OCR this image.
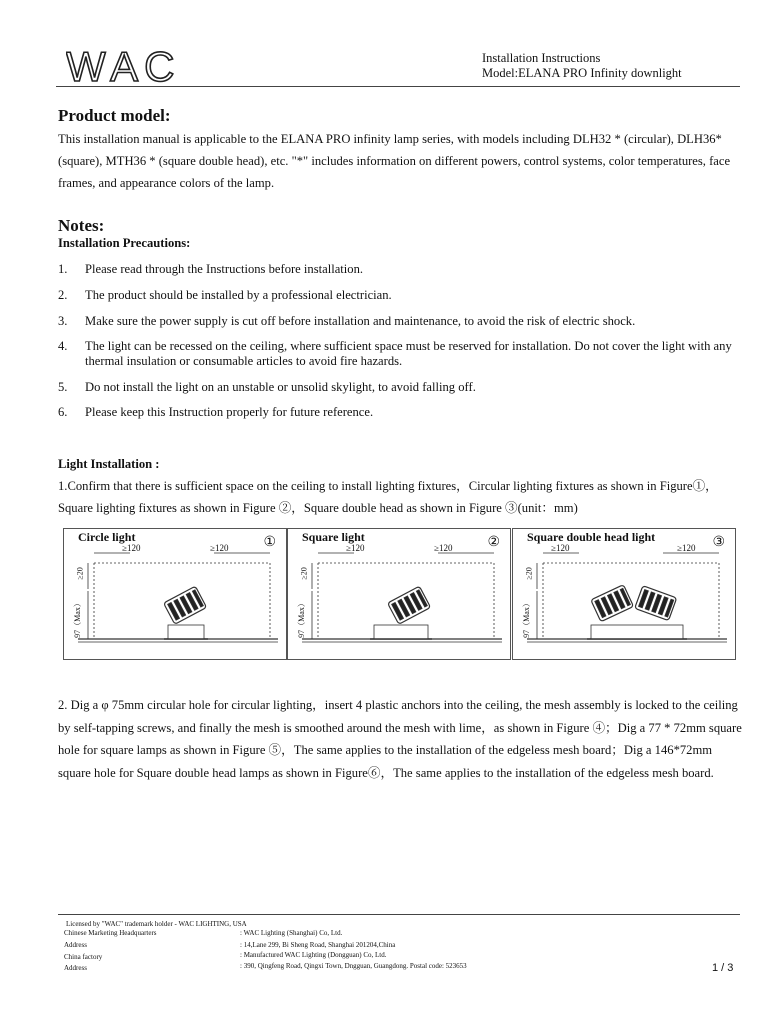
WAC	Installation Instructions
Model:ELANA PRO Infinity downlight
Product model:
This installation manual is applicable to the ELANA PRO infinity lamp series, with models including DLH32 * (circular), DLH36* (square), MTH36 * (square double head), etc. "*" includes information on different powers, control systems, color temperatures, face frames, and appearance colors of the lamp.
Notes:
Installation Precautions:
1. Please read through the Instructions before installation.
2. The product should be installed by a professional electrician.
3. Make sure the power supply is cut off before installation and maintenance, to avoid the risk of electric shock.
4. The light can be recessed on the ceiling, where sufficient space must be reserved for installation. Do not cover the light with any thermal insulation or consumable articles to avoid fire hazards.
5. Do not install the light on an unstable or unsolid skylight, to avoid falling off.
6. Please keep this Instruction properly for future reference.
Light Installation :
1.Confirm that there is sufficient space on the ceiling to install lighting fixtures，Circular lighting fixtures as shown in Figure①，Square lighting fixtures as shown in Figure ②，Square double head as shown in Figure ③(unit：mm)
Circle light	①
≥120	≥120
≥20
97（Max）
Square light	②
≥120	≥120
≥20
97（Max）
Square double head light	③
≥120	≥120
≥20
97（Max）
2. Dig a φ 75mm circular hole for circular lighting，insert 4 plastic anchors into the ceiling, the mesh assembly is locked to the ceiling by self-tapping screws, and finally the mesh is smoothed around the mesh with lime，as shown in Figure ④；Dig a 77 * 72mm square hole for square lamps as shown in Figure ⑤，The same applies to the installation of the edgeless mesh board；Dig a 146*72mm square hole for Square double head lamps as shown in Figure⑥，The same applies to the installation of the edgeless mesh board.
Licensed by "WAC" trademark holder - WAC LIGHTING, USA
Chinese Marketing Headquarters	: WAC Lighting (Shanghai) Co, Ltd.
Address	: 14,Lane 299, Bi Sheng Road, Shanghai 201204,China
China factory	: Manufactured WAC Lighting (Dongguan) Co, Ltd.
Address	: 390, Qingfeng Road, Qingxi Town, Dngguan, Guangdong. Postal code: 523653	1 / 3
